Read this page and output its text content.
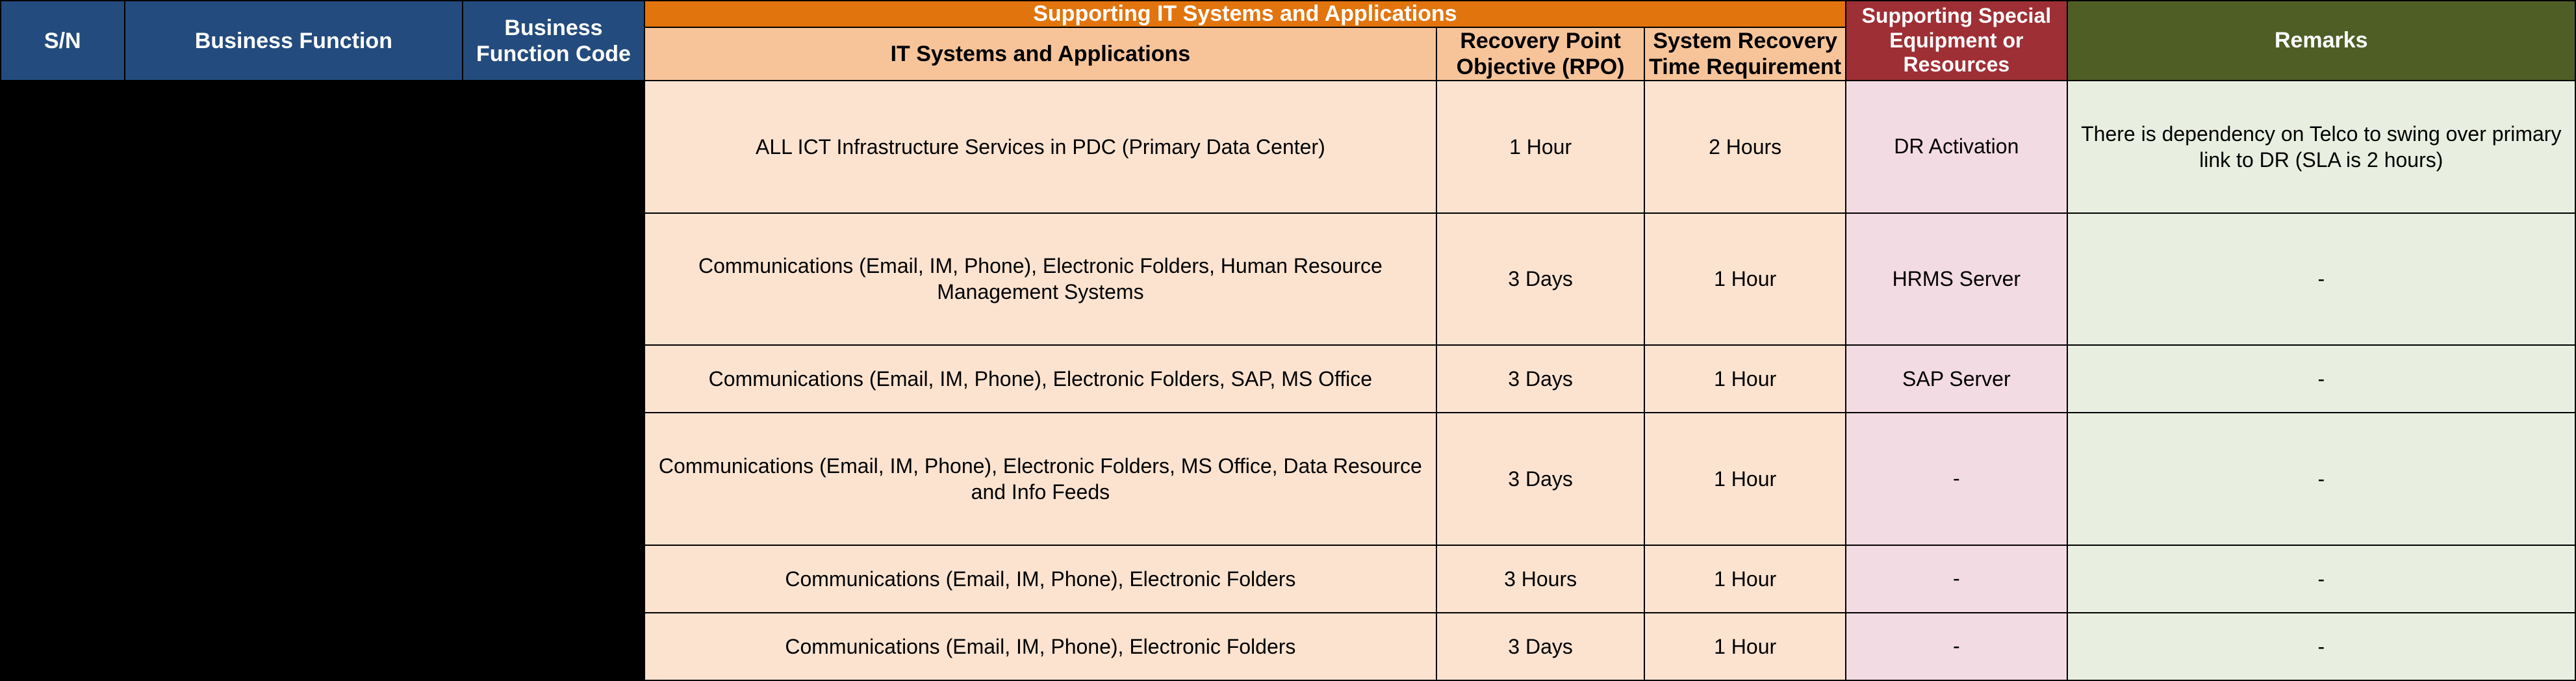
S/N	Business Function	Business Function Code	Supporting IT Systems and Applications			Supporting Special Equipment or Resources	Remarks
			IT Systems and Applications	Recovery Point Objective (RPO)	System Recovery Time Requirement		
			ALL ICT Infrastructure Services in PDC (Primary Data Center)	1 Hour	2 Hours	DR Activation	There is dependency on Telco to swing over primary link to DR (SLA is 2 hours)
			Communications (Email, IM, Phone), Electronic Folders, Human Resource Management Systems	3 Days	1 Hour	HRMS Server	-
			Communications (Email, IM, Phone), Electronic Folders, SAP, MS Office	3 Days	1 Hour	SAP Server	-
			Communications (Email, IM, Phone), Electronic Folders, MS Office, Data Resource and Info Feeds	3 Days	1 Hour	-	-
			Communications (Email, IM, Phone), Electronic Folders	3 Hours	1 Hour	-	-
			Communications (Email, IM, Phone), Electronic Folders	3 Days	1 Hour	-	-
